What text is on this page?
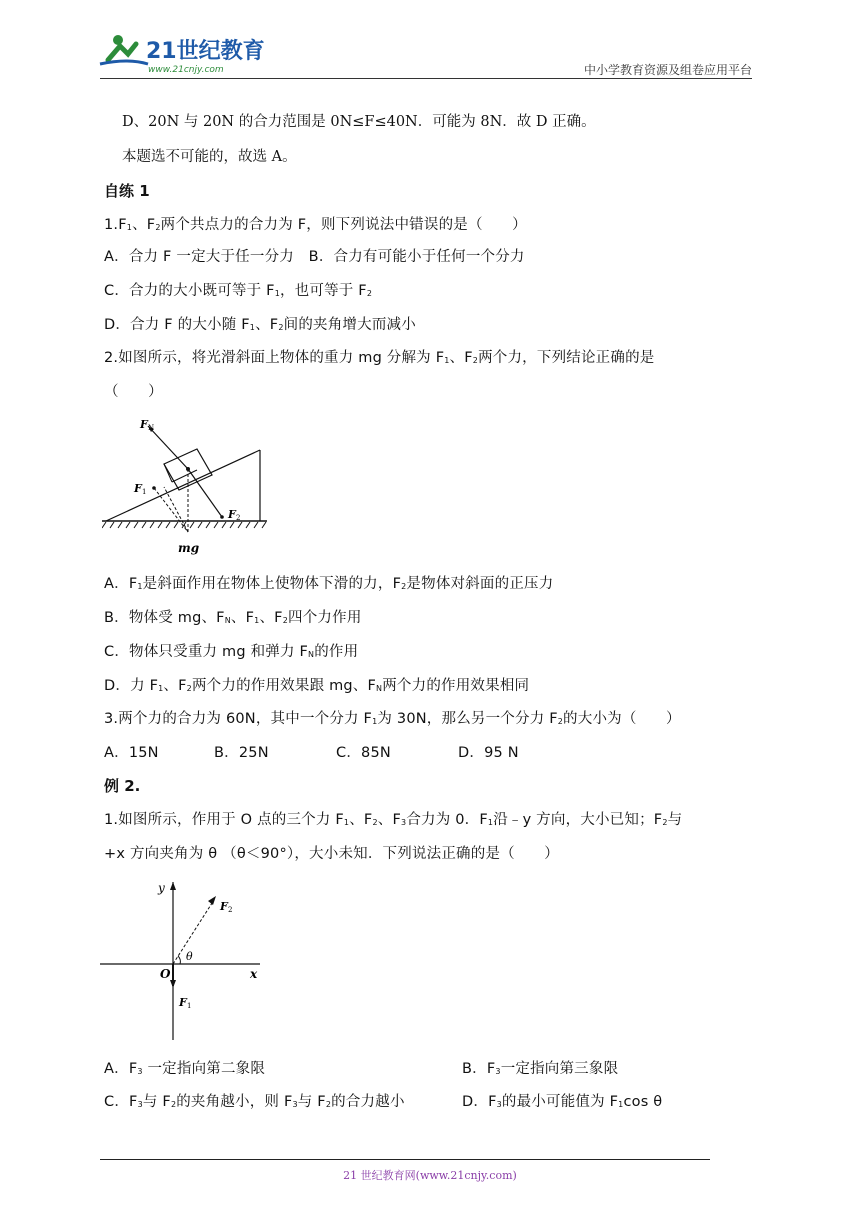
21世纪教育
www.21cnjy.com	中小学教育资源及组卷应用平台
D、20N 与 20N 的合力范围是 0N≤F≤40N．可能为 8N．故 D 正确。
本题选不可能的，故选 A。
自练 1
$1.F_1$、$F_2$两个共点力的合力为 F，则下列说法中错误的是（　　）
A．合力 F 一定大于任一分力　B．合力有可能小于任何一个分力
C．合力的大小既可等于 $F_1$，也可等于 $F_2$
D．合力 F 的大小随 $F_1$、$F_2$间的夹角增大而减小
2.如图所示，将光滑斜面上物体的重力 mg 分解为 $F_1$、$F_2$两个力，下列结论正确的是
（　　）
F N
F 1
F 2
mg
A．$F_1$是斜面作用在物体上使物体下滑的力，$F_2$是物体对斜面的正压力
B．物体受 mg、$F_N$、$F_1$、$F_2$四个力作用
C．物体只受重力 mg 和弹力 $F_N$的作用
D．力 $F_1$、$F_2$两个力的作用效果跟 mg、$F_N$两个力的作用效果相同
3.两个力的合力为 60N，其中一个分力 $F_1$为 30N，那么另一个分力 $F_2$的大小为（　　）
A．15N	B．25N	C．85N	D．95 N
例 2.
1.如图所示，作用于 O 点的三个力 $F_1$、$F_2$、$F_3$合力为 0．$F_1$沿﹣y 方向，大小已知；$F_2$与
+x 方向夹角为 θ （θ＜90°），大小未知．下列说法正确的是（　　）
y
x
O
θ
F 2
F 1
A．$F_3$ 一定指向第二象限	B．$F_3$一定指向第三象限
C．$F_3$与 $F_2$的夹角越小，则 $F_3$与 $F_2$的合力越小	D．$F_3$的最小可能值为 $F_1\cos$ θ
21 世纪教育网(www.21cnjy.com)
